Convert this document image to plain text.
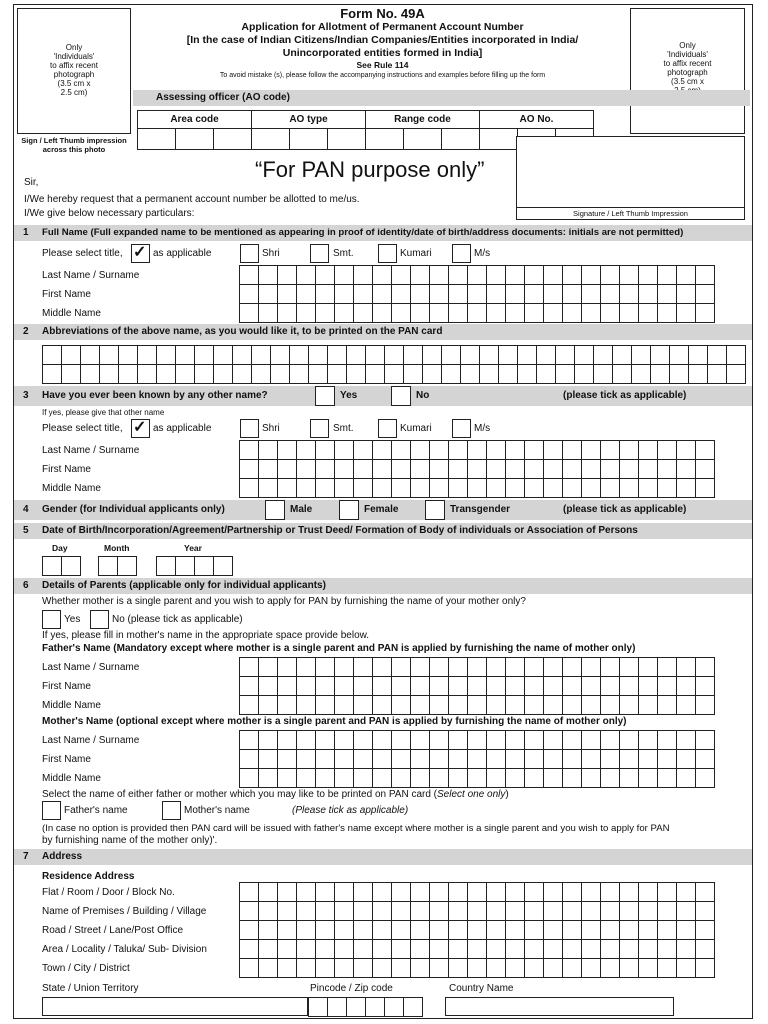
Form No. 49A
Application for Allotment of Permanent Account Number
[In the case of Indian Citizens/Indian Companies/Entities incorporated in India/
Unincorporated entities formed in India]
See Rule 114
To avoid mistake (s), please follow the accompanying instructions and examples before filling up the form
Only
'Individuals'
to affix recent
photograph
(3.5 cm x
2.5 cm)
Sign / Left Thumb impression across this photo
Only
'Individuals'
to affix recent
photograph
(3.5 cm x
Assessing officer (AO code)
Area code			AO type			Range code			AO No.		

“For PAN purpose only”
Signature / Left Thumb Impression
Sir,
I/We hereby request that a permanent account number be allotted to me/us.
I/We give below necessary particulars:
1 Full Name (Full expanded name to be mentioned as appearing in proof of identity/date of birth/address documents: initials are not permitted)
Please select title, ✓ as applicable	Shri	Smt.	Kumari	M/s
Last Name / Surname
First Name
Middle Name
2 Abbreviations of the above name, as you would like it, to be printed on the PAN card
3 Have you ever been known by any other name?	Yes	No	(please tick as applicable)
If yes, please give that other name
Please select title, ✓ as applicable	Shri	Smt.	Kumari	M/s
Last Name / Surname
First Name
Middle Name
4 Gender (for Individual applicants only)	Male	Female	Transgender	(please tick as applicable)
5 Date of Birth/Incorporation/Agreement/Partnership or Trust Deed/ Formation of Body of individuals or Association of Persons
Day	Month	Year
6 Details of Parents (applicable only for individual applicants)
Whether mother is a single parent and you wish to apply for PAN by furnishing the name of your mother only?
Yes	No (please tick as applicable)
If yes, please fill in mother's name in the appropriate space provide below.
Father's Name (Mandatory except where mother is a single parent and PAN is applied by furnishing the name of mother only)
Last Name / Surname
First Name
Middle Name
Mother's Name (optional except where mother is a single parent and PAN is applied by furnishing the name of mother only)
Last Name / Surname
First Name
Middle Name
Select the name of either father or mother which you may like to be printed on PAN card (Select one only)
Father's name	Mother's name	(Please tick as applicable)
(In case no option is provided then PAN card will be issued with father's name except where mother is a single parent and you wish to apply for PAN
by furnishing name of the mother only)'.
7 Address
Residence Address
Flat / Room / Door / Block No.
Name of Premises / Building / Village
Road / Street / Lane/Post Office
Area / Locality / Taluka/ Sub- Division
Town / City / District
State / Union Territory	Pincode / Zip code	Country Name
